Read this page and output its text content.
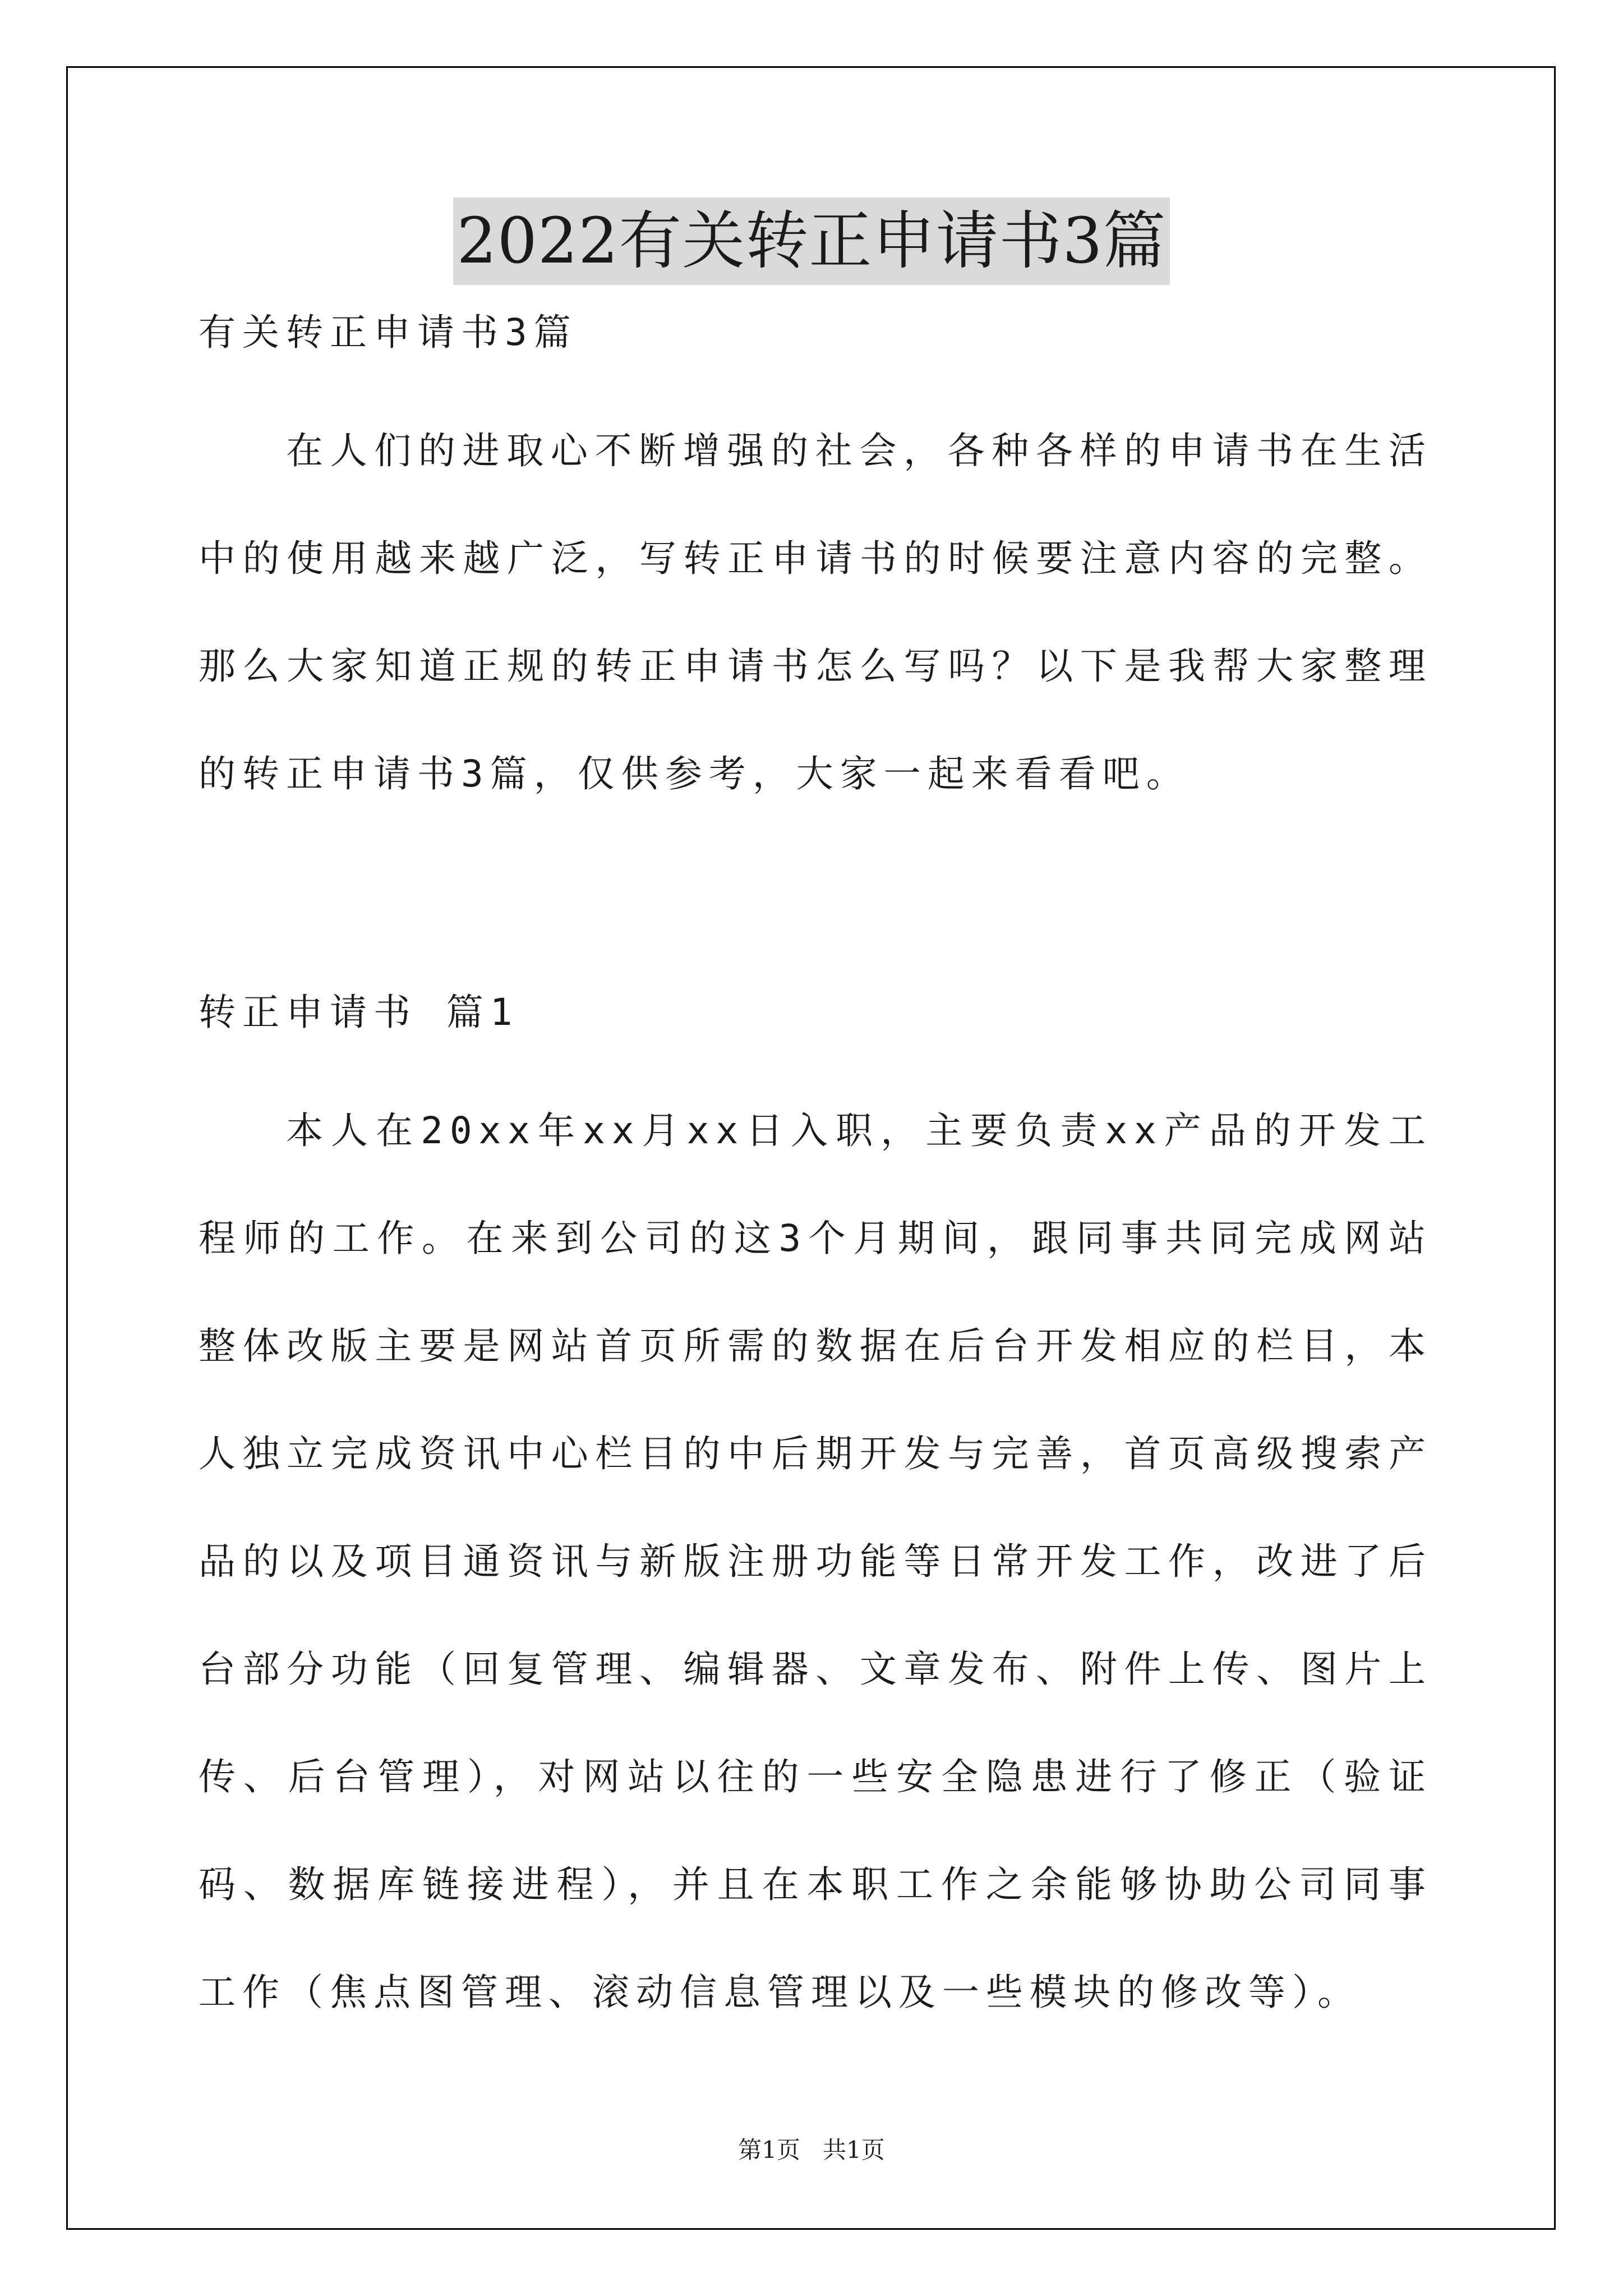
2022有关转正申请书3篇

有关转正申请书3篇

在人们的进取心不断增强的社会，各种各样的申请书在生活中的使用越来越广泛，写转正申请书的时候要注意内容的完整。那么大家知道正规的转正申请书怎么写吗？以下是我帮大家整理的转正申请书3篇，仅供参考，大家一起来看看吧。

转正申请书 篇1

本人在20xx年xx月xx日入职，主要负责xx产品的开发工程师的工作。在来到公司的这3个月期间，跟同事共同完成网站整体改版主要是网站首页所需的数据在后台开发相应的栏目，本人独立完成资讯中心栏目的中后期开发与完善，首页高级搜索产品的以及项目通资讯与新版注册功能等日常开发工作，改进了后台部分功能（回复管理、编辑器、文章发布、附件上传、图片上传、后台管理），对网站以往的一些安全隐患进行了修正（验证码、数据库链接进程），并且在本职工作之余能够协助公司同事工作（焦点图管理、滚动信息管理以及一些模块的修改等）。

第1页 共1页
